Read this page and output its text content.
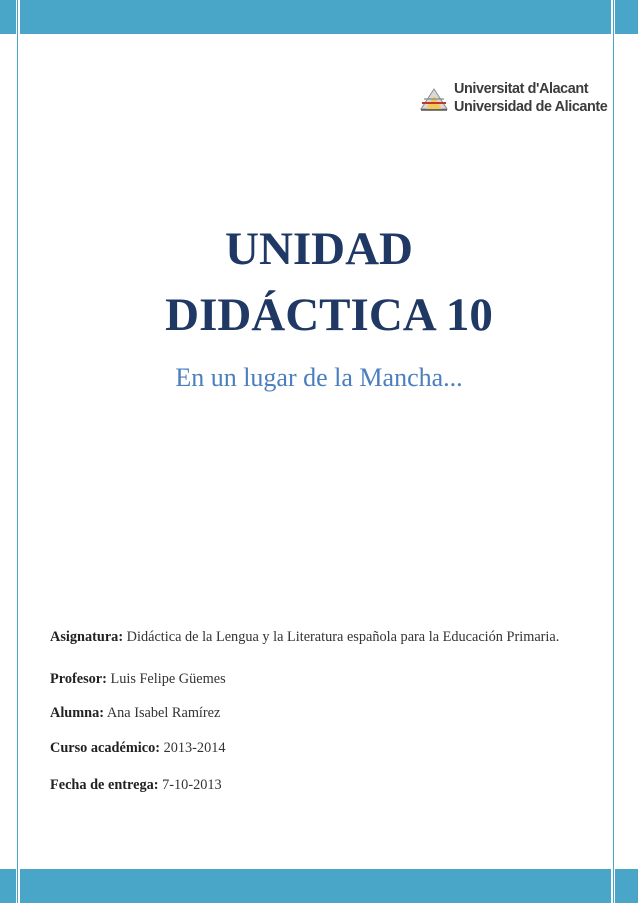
Universitat d'Alacant
Universidad de Alicante
UNIDAD
DIDÁCTICA 10
En un lugar de la Mancha...
Asignatura: Didáctica de la Lengua y la Literatura española para la Educación Primaria.
Profesor: Luis Felipe Güemes
Alumna: Ana Isabel Ramírez
Curso académico: 2013-2014
Fecha de entrega: 7-10-2013
